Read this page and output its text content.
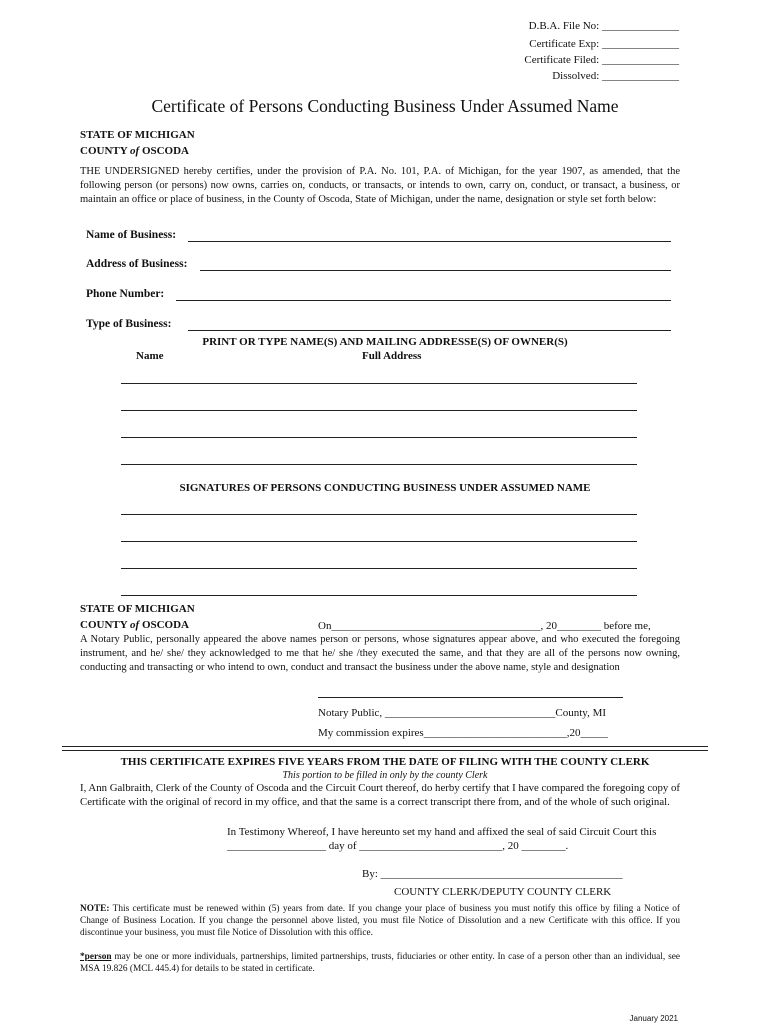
D.B.A. File No: ______________
Certificate Exp: ______________
Certificate Filed: ______________
Dissolved: ______________
Certificate of Persons Conducting Business Under Assumed Name
STATE OF MICHIGAN
COUNTY of OSCODA
THE UNDERSIGNED hereby certifies, under the provision of P.A. No. 101, P.A. of Michigan, for the year 1907, as amended, that the following person (or persons) now owns, carries on, conducts, or transacts, or intends to own, carry on, conduct, or transact, a business, or maintain an office or place of business, in the County of Oscoda, State of Michigan, under the name, designation or style set forth below:
Name of Business:
Address of Business:
Phone Number:
Type of Business:
PRINT OR TYPE NAME(S) AND MAILING ADDRESSE(S) OF OWNER(S)
Name	Full Address
SIGNATURES OF PERSONS CONDUCTING BUSINESS UNDER ASSUMED NAME
STATE OF MICHIGAN
COUNTY of OSCODA	On______________________________________, 20________ before me,
A Notary Public, personally appeared the above names person or persons, whose signatures appear above, and who executed the foregoing instrument, and he/ she/ they acknowledged to me that he/ she /they executed the same, and that they are all of the persons now owning, conducting and transacting or who intend to own, conduct and transact the business under the above name, style and designation
Notary Public, _______________________________County, MI
My commission expires__________________________,20_____
THIS CERTIFICATE EXPIRES FIVE YEARS FROM THE DATE OF FILING WITH THE COUNTY CLERK
This portion to be filled in only by the county Clerk
I, Ann Galbraith, Clerk of the County of Oscoda and the Circuit Court thereof, do herby certify that I have compared the foregoing copy of Certificate with the original of record in my office, and that the same is a correct transcript there from, and of the whole of such original.
In Testimony Whereof, I have hereunto set my hand and affixed the seal of said Circuit Court this
__________________ day of __________________________, 20 ________.
By: ____________________________________________
COUNTY CLERK/DEPUTY COUNTY CLERK
NOTE: This certificate must be renewed within (5) years from date. If you change your place of business you must notify this office by filing a Notice of Change of Business Location. If you change the personnel above listed, you must file Notice of Dissolution and a new Certificate with this office. If you discontinue your business, you must file Notice of Dissolution with this office.
*person may be one or more individuals, partnerships, limited partnerships, trusts, fiduciaries or other entity. In case of a person other than an individual, see MSA 19.826 (MCL 445.4) for details to be stated in certificate.
January 2021
